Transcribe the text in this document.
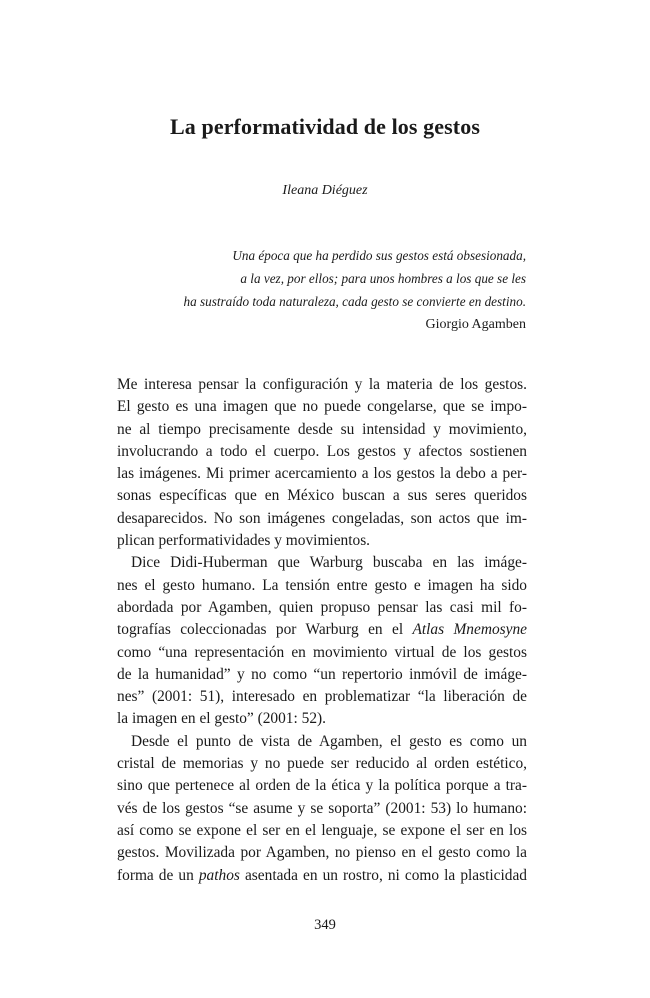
La performatividad de los gestos
Ileana Diéguez
Una época que ha perdido sus gestos está obsesionada,
a la vez, por ellos; para unos hombres a los que se les
ha sustraído toda naturaleza, cada gesto se convierte en destino.
Giorgio Agamben
Me interesa pensar la configuración y la materia de los gestos.
El gesto es una imagen que no puede congelarse, que se impo-
ne al tiempo precisamente desde su intensidad y movimiento,
involucrando a todo el cuerpo. Los gestos y afectos sostienen
las imágenes. Mi primer acercamiento a los gestos la debo a per-
sonas específicas que en México buscan a sus seres queridos
desaparecidos. No son imágenes congeladas, son actos que im-
plican performatividades y movimientos.
Dice Didi-Huberman que Warburg buscaba en las imáge-
nes el gesto humano. La tensión entre gesto e imagen ha sido
abordada por Agamben, quien propuso pensar las casi mil fo-
tografías coleccionadas por Warburg en el Atlas Mnemosyne
como “una representación en movimiento virtual de los gestos
de la humanidad” y no como “un repertorio inmóvil de imáge-
nes” (2001: 51), interesado en problematizar “la liberación de
la imagen en el gesto” (2001: 52).
Desde el punto de vista de Agamben, el gesto es como un
cristal de memorias y no puede ser reducido al orden estético,
sino que pertenece al orden de la ética y la política porque a tra-
vés de los gestos “se asume y se soporta” (2001: 53) lo humano:
así como se expone el ser en el lenguaje, se expone el ser en los
gestos. Movilizada por Agamben, no pienso en el gesto como la
forma de un pathos asentada en un rostro, ni como la plasticidad
349
